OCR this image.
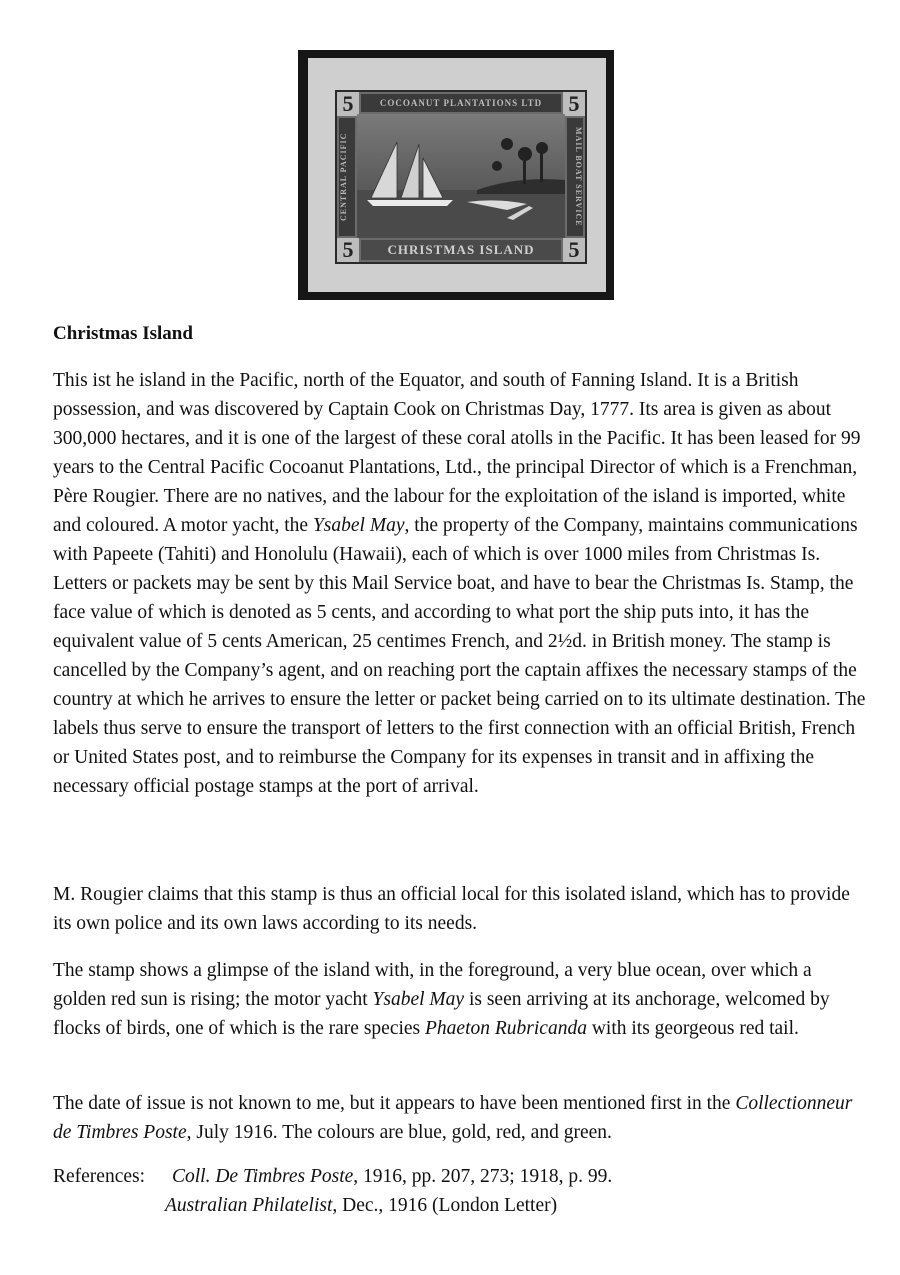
5	5
5	5
COCOANUT PLANTATIONS LTD
CENTRAL PACIFIC	MAIL BOAT SERVICE
CHRISTMAS ISLAND
Christmas Island

This ist he island in the Pacific, north of the Equator, and south of Fanning Island. It is a British possession, and was discovered by Captain Cook on Christmas Day, 1777. Its area is given as about 300,000 hectares, and it is one of the largest of these coral atolls in the Pacific. It has been leased for 99 years to the Central Pacific Cocoanut Plantations, Ltd., the principal Director of which is a Frenchman, Père Rougier. There are no natives, and the labour for the exploitation of the island is imported, white and coloured. A motor yacht, the Ysabel May, the property of the Company, maintains communications with Papeete (Tahiti) and Honolulu (Hawaii), each of which is over 1000 miles from Christmas Is. Letters or packets may be sent by this Mail Service boat, and have to bear the Christmas Is. Stamp, the face value of which is denoted as 5 cents, and according to what port the ship puts into, it has the equivalent value of 5 cents American, 25 centimes French, and 2½d. in British money. The stamp is cancelled by the Company’s agent, and on reaching port the captain affixes the necessary stamps of the country at which he arrives to ensure the letter or packet being carried on to its ultimate destination. The labels thus serve to ensure the transport of letters to the first connection with an official British, French or United States post, and to reimburse the Company for its expenses in transit and in affixing the necessary official postage stamps at the port of arrival.

M. Rougier claims that this stamp is thus an official local for this isolated island, which has to provide its own police and its own laws according to its needs.

The stamp shows a glimpse of the island with, in the foreground, a very blue ocean, over which a golden red sun is rising; the motor yacht Ysabel May is seen arriving at its anchorage, welcomed by flocks of birds, one of which is the rare species Phaeton Rubricanda with its georgeous red tail.

The date of issue is not known to me, but it appears to have been mentioned first in the Collectionneur de Timbres Poste, July 1916. The colours are blue, gold, red, and green.

References: Coll. De Timbres Poste, 1916, pp. 207, 273; 1918, p. 99.
Australian Philatelist, Dec., 1916 (London Letter)
